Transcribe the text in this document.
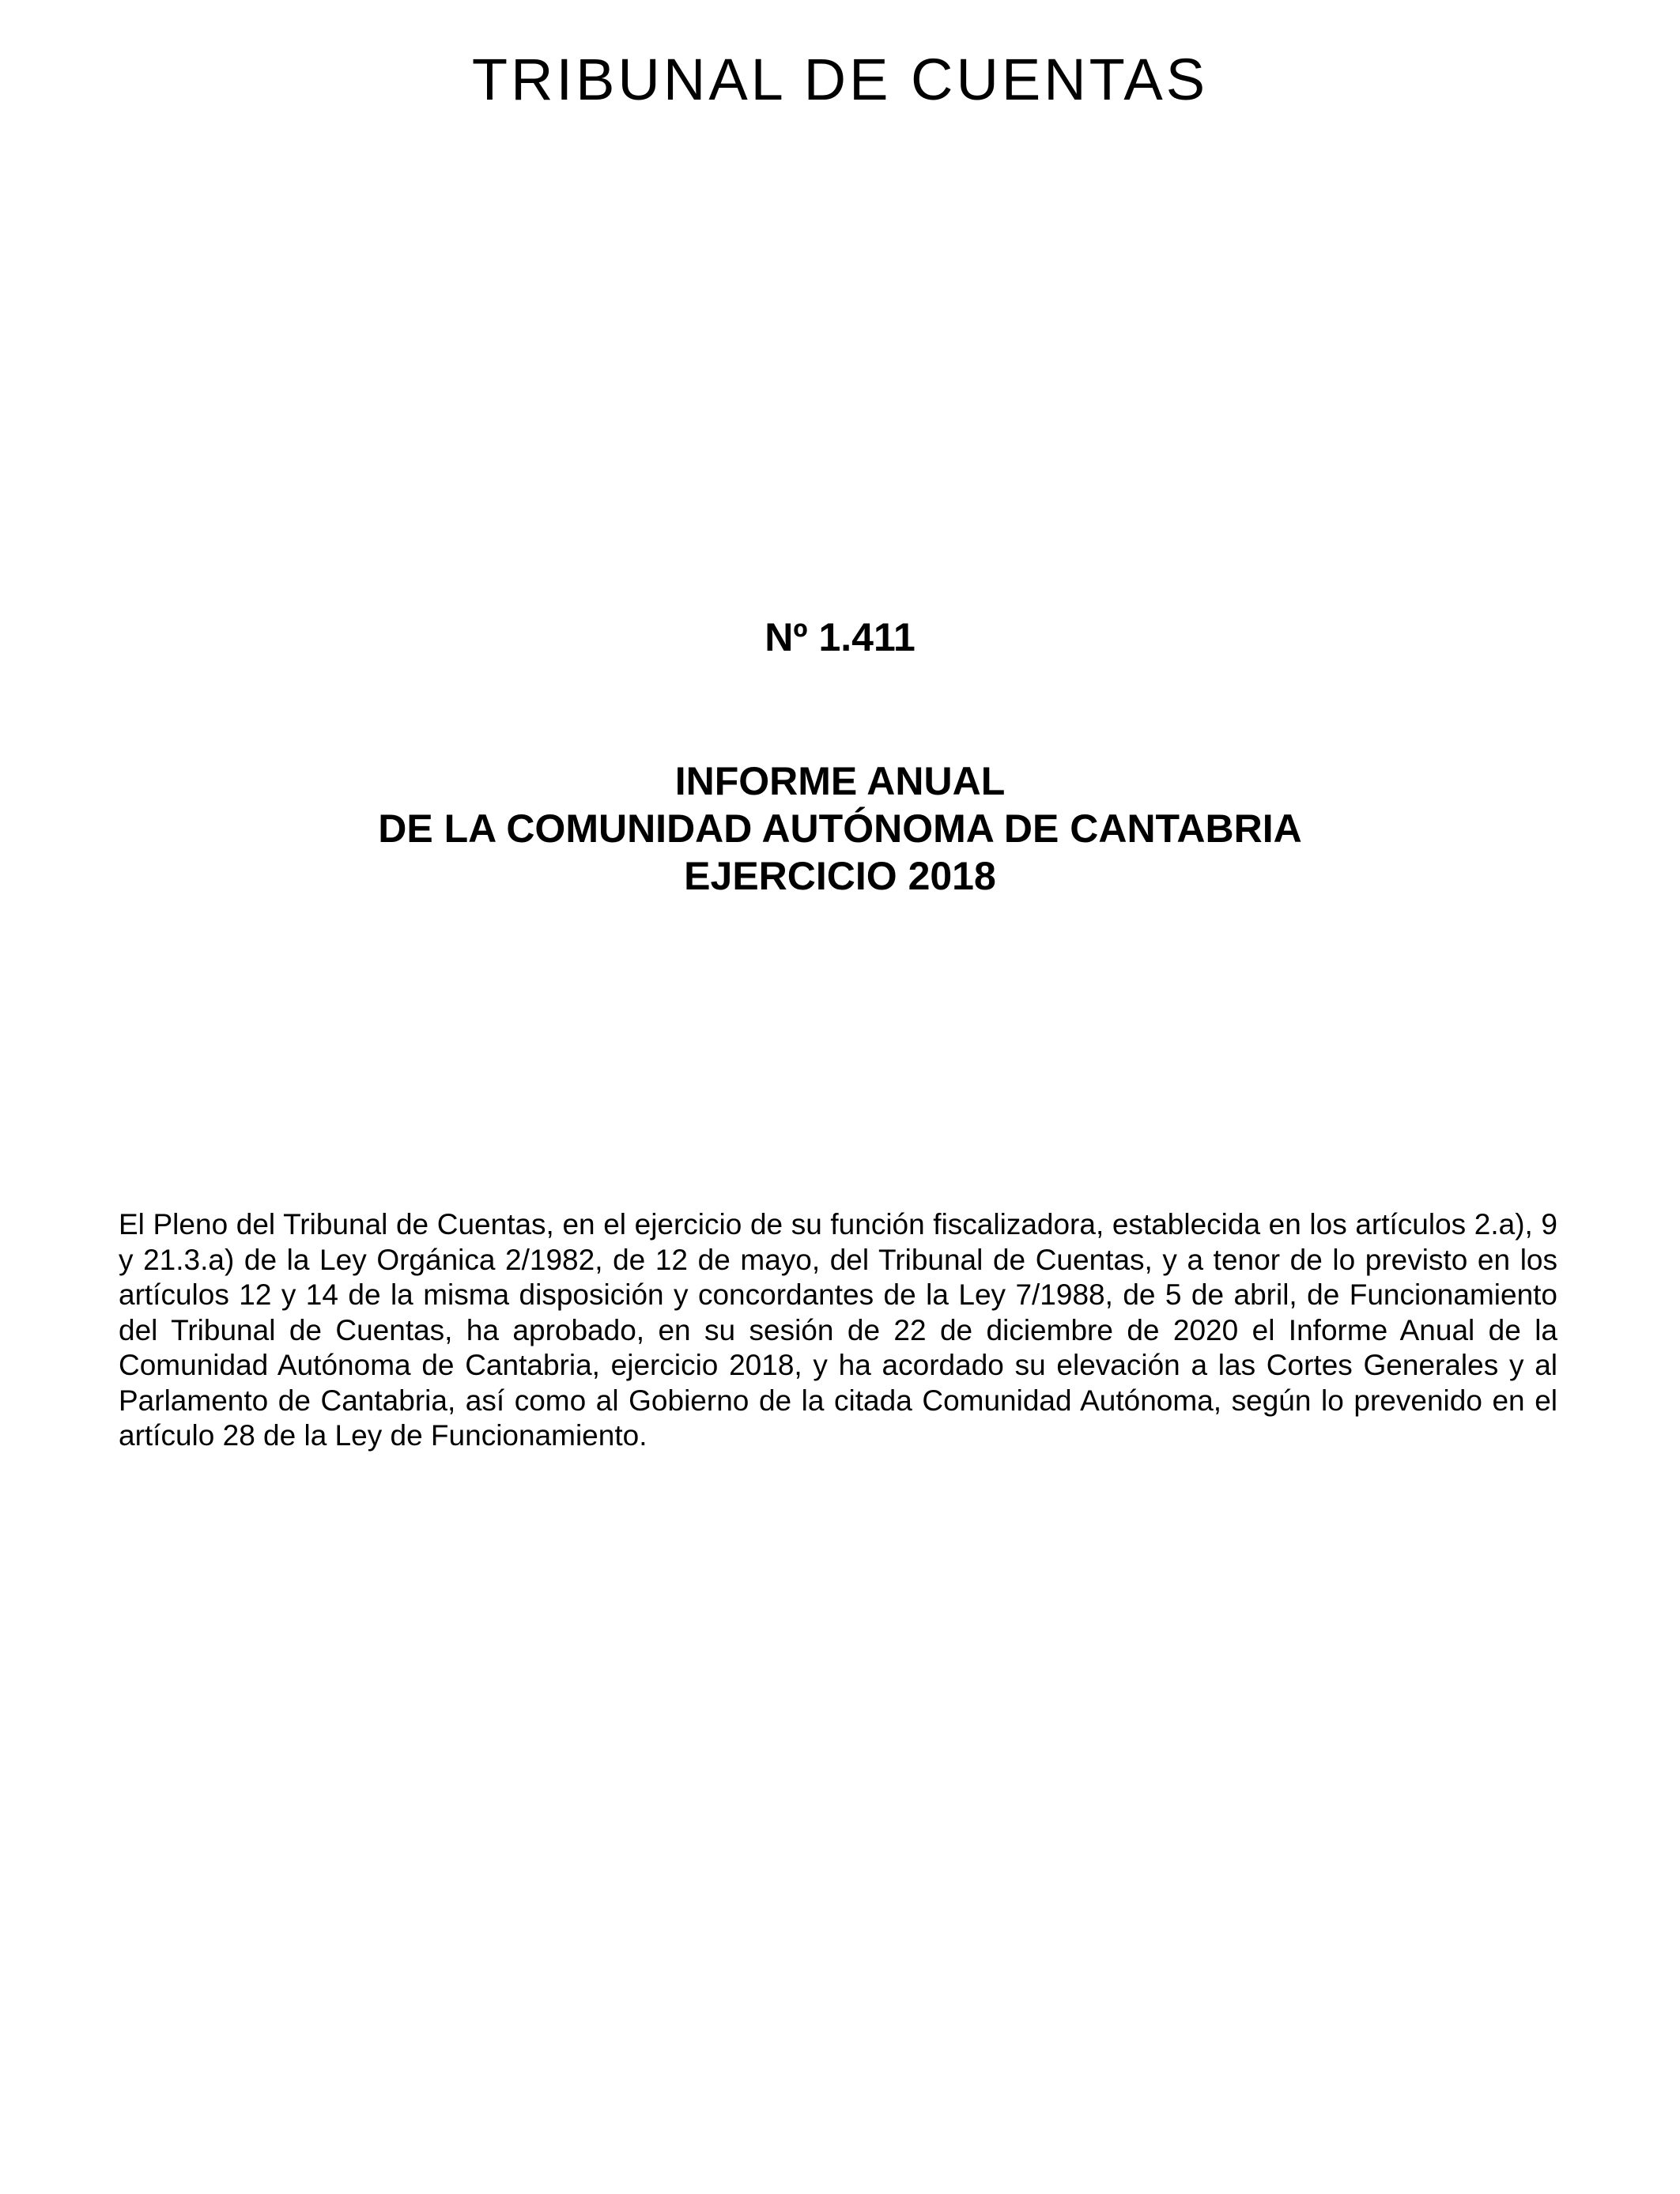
TRIBUNAL DE CUENTAS
Nº 1.411
INFORME ANUAL
DE LA COMUNIDAD AUTÓNOMA DE CANTABRIA
EJERCICIO 2018

El Pleno del Tribunal de Cuentas, en el ejercicio de su función fiscalizadora, establecida en los artículos 2.a), 9 y 21.3.a) de la Ley Orgánica 2/1982, de 12 de mayo, del Tribunal de Cuentas, y a tenor de lo previsto en los artículos 12 y 14 de la misma disposición y concordantes de la Ley 7/1988, de 5 de abril, de Funcionamiento del Tribunal de Cuentas, ha aprobado, en su sesión de 22 de diciembre de 2020 el Informe Anual de la Comunidad Autónoma de Cantabria, ejercicio 2018, y ha acordado su elevación a las Cortes Generales y al Parlamento de Cantabria, así como al Gobierno de la citada Comunidad Autónoma, según lo prevenido en el artículo 28 de la Ley de Funcionamiento.
